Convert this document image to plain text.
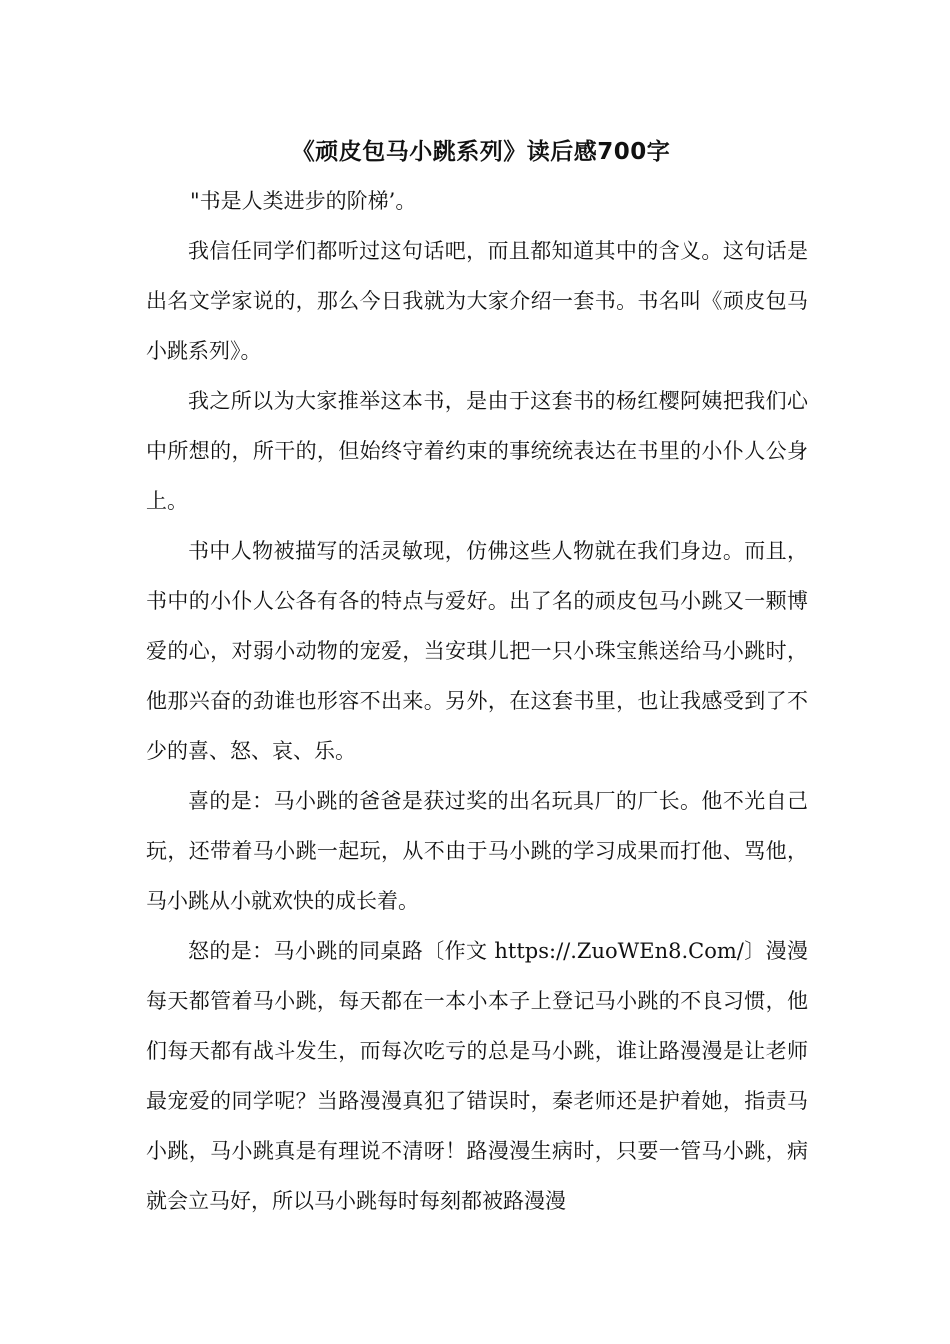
《顽皮包马小跳系列》读后感700字

"书是人类进步的阶梯’。

我信任同学们都听过这句话吧，而且都知道其中的含义。这句话是出名文学家说的，那么今日我就为大家介绍一套书。书名叫《顽皮包马小跳系列》。

我之所以为大家推举这本书，是由于这套书的杨红樱阿姨把我们心中所想的，所干的，但始终守着约束的事统统表达在书里的小仆人公身上。

书中人物被描写的活灵敏现，仿佛这些人物就在我们身边。而且，书中的小仆人公各有各的特点与爱好。出了名的顽皮包马小跳又一颗博爱的心，对弱小动物的宠爱，当安琪儿把一只小珠宝熊送给马小跳时，他那兴奋的劲谁也形容不出来。另外，在这套书里，也让我感受到了不少的喜、怒、哀、乐。

喜的是：马小跳的爸爸是获过奖的出名玩具厂的厂长。他不光自己玩，还带着马小跳一起玩，从不由于马小跳的学习成果而打他、骂他，马小跳从小就欢快的成长着。

怒的是：马小跳的同桌路〔作文 https://.ZuoWEn8.Com/〕漫漫每天都管着马小跳，每天都在一本小本子上登记马小跳的不良习惯，他们每天都有战斗发生，而每次吃亏的总是马小跳，谁让路漫漫是让老师最宠爱的同学呢？当路漫漫真犯了错误时，秦老师还是护着她，指责马小跳，马小跳真是有理说不清呀！路漫漫生病时，只要一管马小跳，病就会立马好，所以马小跳每时每刻都被路漫漫
